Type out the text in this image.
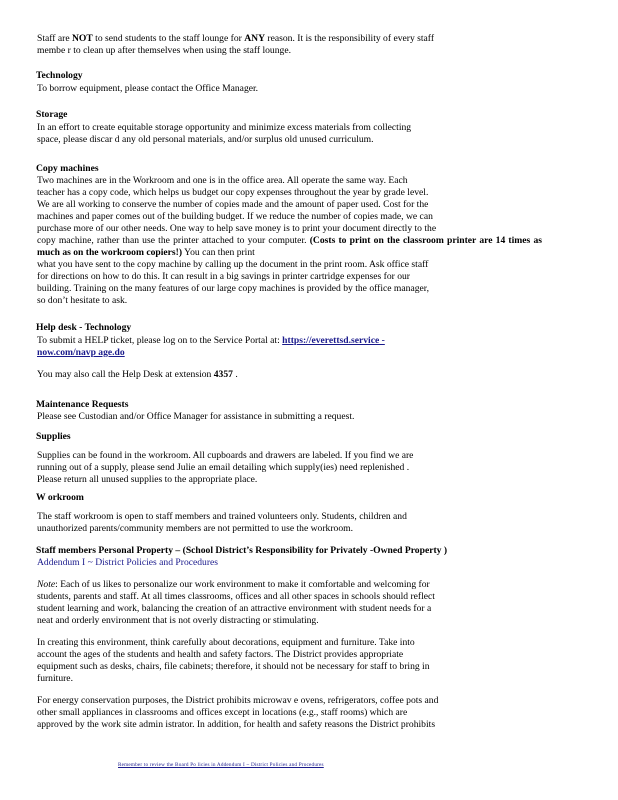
Staff are NOT to send students to the staff lounge for ANY reason. It is the responsibility of every staff

membe r to clean up after themselves when using the staff lounge.

Technology
To borrow equipment, please contact the Office Manager.
Storage

In an effort to create equitable storage opportunity and minimize excess materials from collecting

space, please discar d any old personal materials, and/or surplus old unused curriculum.

Copy machines

Two machines are in the Workroom and one is in the office area. All operate the same way. Each

teacher has a copy code, which helps us budget our copy expenses throughout the year by grade level.

We are all working to conserve the number of copies made and the amount of paper used. Cost for the

machines and paper comes out of the building budget. If we reduce the number of copies made, we can

purchase more of our other needs. One way to help save money is to print your document directly to the

copy machine, rather than use the printer attached to your computer. (Costs to print on the classroom printer are 14 times as much as on the workroom copiers!) You can then print

what you have sent to the copy machine by calling up the document in the print room. Ask office staff

for directions on how to do this. It can result in a big savings in printer cartridge expenses for our

building. Training on the many features of our large copy machines is provided by the office manager,

so don’t hesitate to ask.

Help desk - Technology

To submit a HELP ticket, please log on to the Service Portal at: https://everettsd.service -

now.com/navp age.do

You may also call the Help Desk at extension 4357 .

Maintenance Requests
Please see Custodian and/or Office Manager for assistance in submitting a request.
Supplies

Supplies can be found in the workroom. All cupboards and drawers are labeled. If you find we are

running out of a supply, please send Julie an email detailing which supply(ies) need replenished .

Please return all unused supplies to the appropriate place.

W orkroom

The staff workroom is open to staff members and trained volunteers only. Students, children and

unauthorized parents/community members are not permitted to use the workroom.

Staff members Personal Property – (School District’s Responsibility for Privately -Owned Property )

Addendum I ~ District Policies and Procedures

Note: Each of us likes to personalize our work environment to make it comfortable and welcoming for

students, parents and staff. At all times classrooms, offices and all other spaces in schools should reflect

student learning and work, balancing the creation of an attractive environment with student needs for a

neat and orderly environment that is not overly distracting or stimulating.

In creating this environment, think carefully about decorations, equipment and furniture. Take into

account the ages of the students and health and safety factors. The District provides appropriate

equipment such as desks, chairs, file cabinets; therefore, it should not be necessary for staff to bring in

furniture.

For energy conservation purposes, the District prohibits microwav e ovens, refrigerators, coffee pots and

other small appliances in classrooms and offices except in locations (e.g., staff rooms) which are

approved by the work site admin istrator. In addition, for health and safety reasons the District prohibits

Remember to review the Board Po licies in Addendum I ~ District Policies and Procedures
